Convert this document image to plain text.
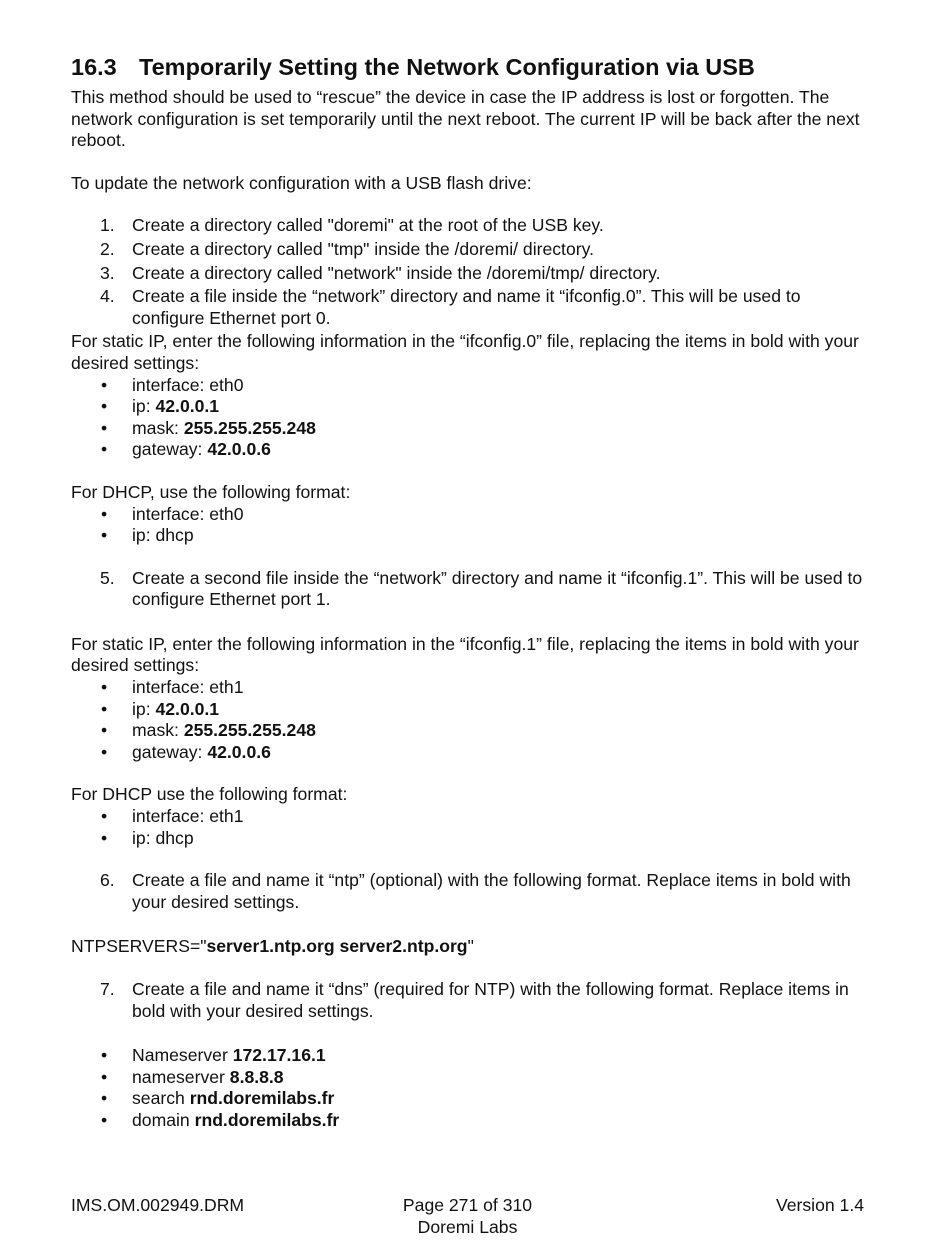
16.3 Temporarily Setting the Network Configuration via USB

This method should be used to “rescue” the device in case the IP address is lost or forgotten. The network configuration is set temporarily until the next reboot. The current IP will be back after the next reboot.

To update the network configuration with a USB flash drive:

1. Create a directory called "doremi" at the root of the USB key.
2. Create a directory called "tmp" inside the /doremi/ directory.
3. Create a directory called "network" inside the /doremi/tmp/ directory.
4. Create a file inside the “network” directory and name it “ifconfig.0”. This will be used to configure Ethernet port 0.

For static IP, enter the following information in the “ifconfig.0” file, replacing the items in bold with your desired settings:

• interface: eth0
• ip: 42.0.0.1
• mask: 255.255.255.248
• gateway: 42.0.0.6

For DHCP, use the following format:

• interface: eth0
• ip: dhcp
5. Create a second file inside the “network” directory and name it “ifconfig.1”. This will be used to configure Ethernet port 1.

For static IP, enter the following information in the “ifconfig.1” file, replacing the items in bold with your desired settings:

• interface: eth1
• ip: 42.0.0.1
• mask: 255.255.255.248
• gateway: 42.0.0.6

For DHCP use the following format:

• interface: eth1
• ip: dhcp
6. Create a file and name it “ntp” (optional) with the following format. Replace items in bold with your desired settings.

NTPSERVERS="server1.ntp.org server2.ntp.org"

7. Create a file and name it “dns” (required for NTP) with the following format. Replace items in bold with your desired settings.
• Nameserver 172.17.16.1
• nameserver 8.8.8.8
• search rnd.doremilabs.fr
• domain rnd.doremilabs.fr
IMS.OM.002949.DRM	Page 271 of 310
Doremi Labs
Version 1.4
